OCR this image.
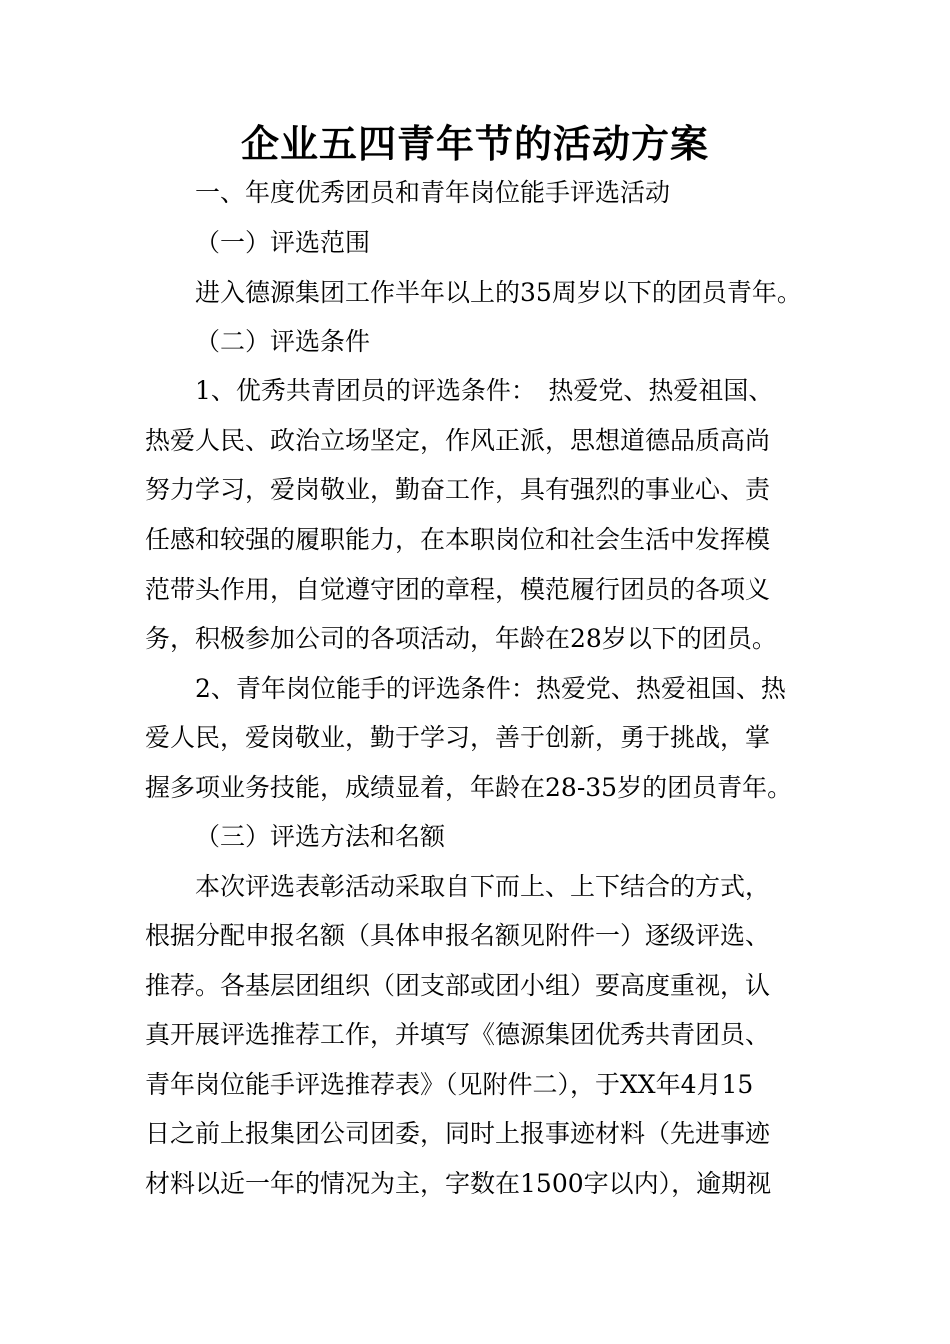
企业五四青年节的活动方案
一、年度优秀团员和青年岗位能手评选活动
（一）评选范围
进入德源集团工作半年以上的35周岁以下的团员青年。
（二）评选条件
1、优秀共青团员的评选条件：　热爱党、热爱祖国、
热爱人民、政治立场坚定，作风正派，思想道德品质高尚
努力学习，爱岗敬业，勤奋工作，具有强烈的事业心、责
任感和较强的履职能力，在本职岗位和社会生活中发挥模
范带头作用，自觉遵守团的章程，模范履行团员的各项义
务，积极参加公司的各项活动，年龄在28岁以下的团员。
2、青年岗位能手的评选条件：热爱党、热爱祖国、热
爱人民，爱岗敬业，勤于学习，善于创新，勇于挑战，掌
握多项业务技能，成绩显着，年龄在28-35岁的团员青年。
（三）评选方法和名额
本次评选表彰活动采取自下而上、上下结合的方式，
根据分配申报名额（具体申报名额见附件一）逐级评选、
推荐。各基层团组织（团支部或团小组）要高度重视，认
真开展评选推荐工作，并填写《德源集团优秀共青团员、
青年岗位能手评选推荐表》（见附件二），于XX年4月15
日之前上报集团公司团委，同时上报事迹材料（先进事迹
材料以近一年的情况为主，字数在1500字以内），逾期视
